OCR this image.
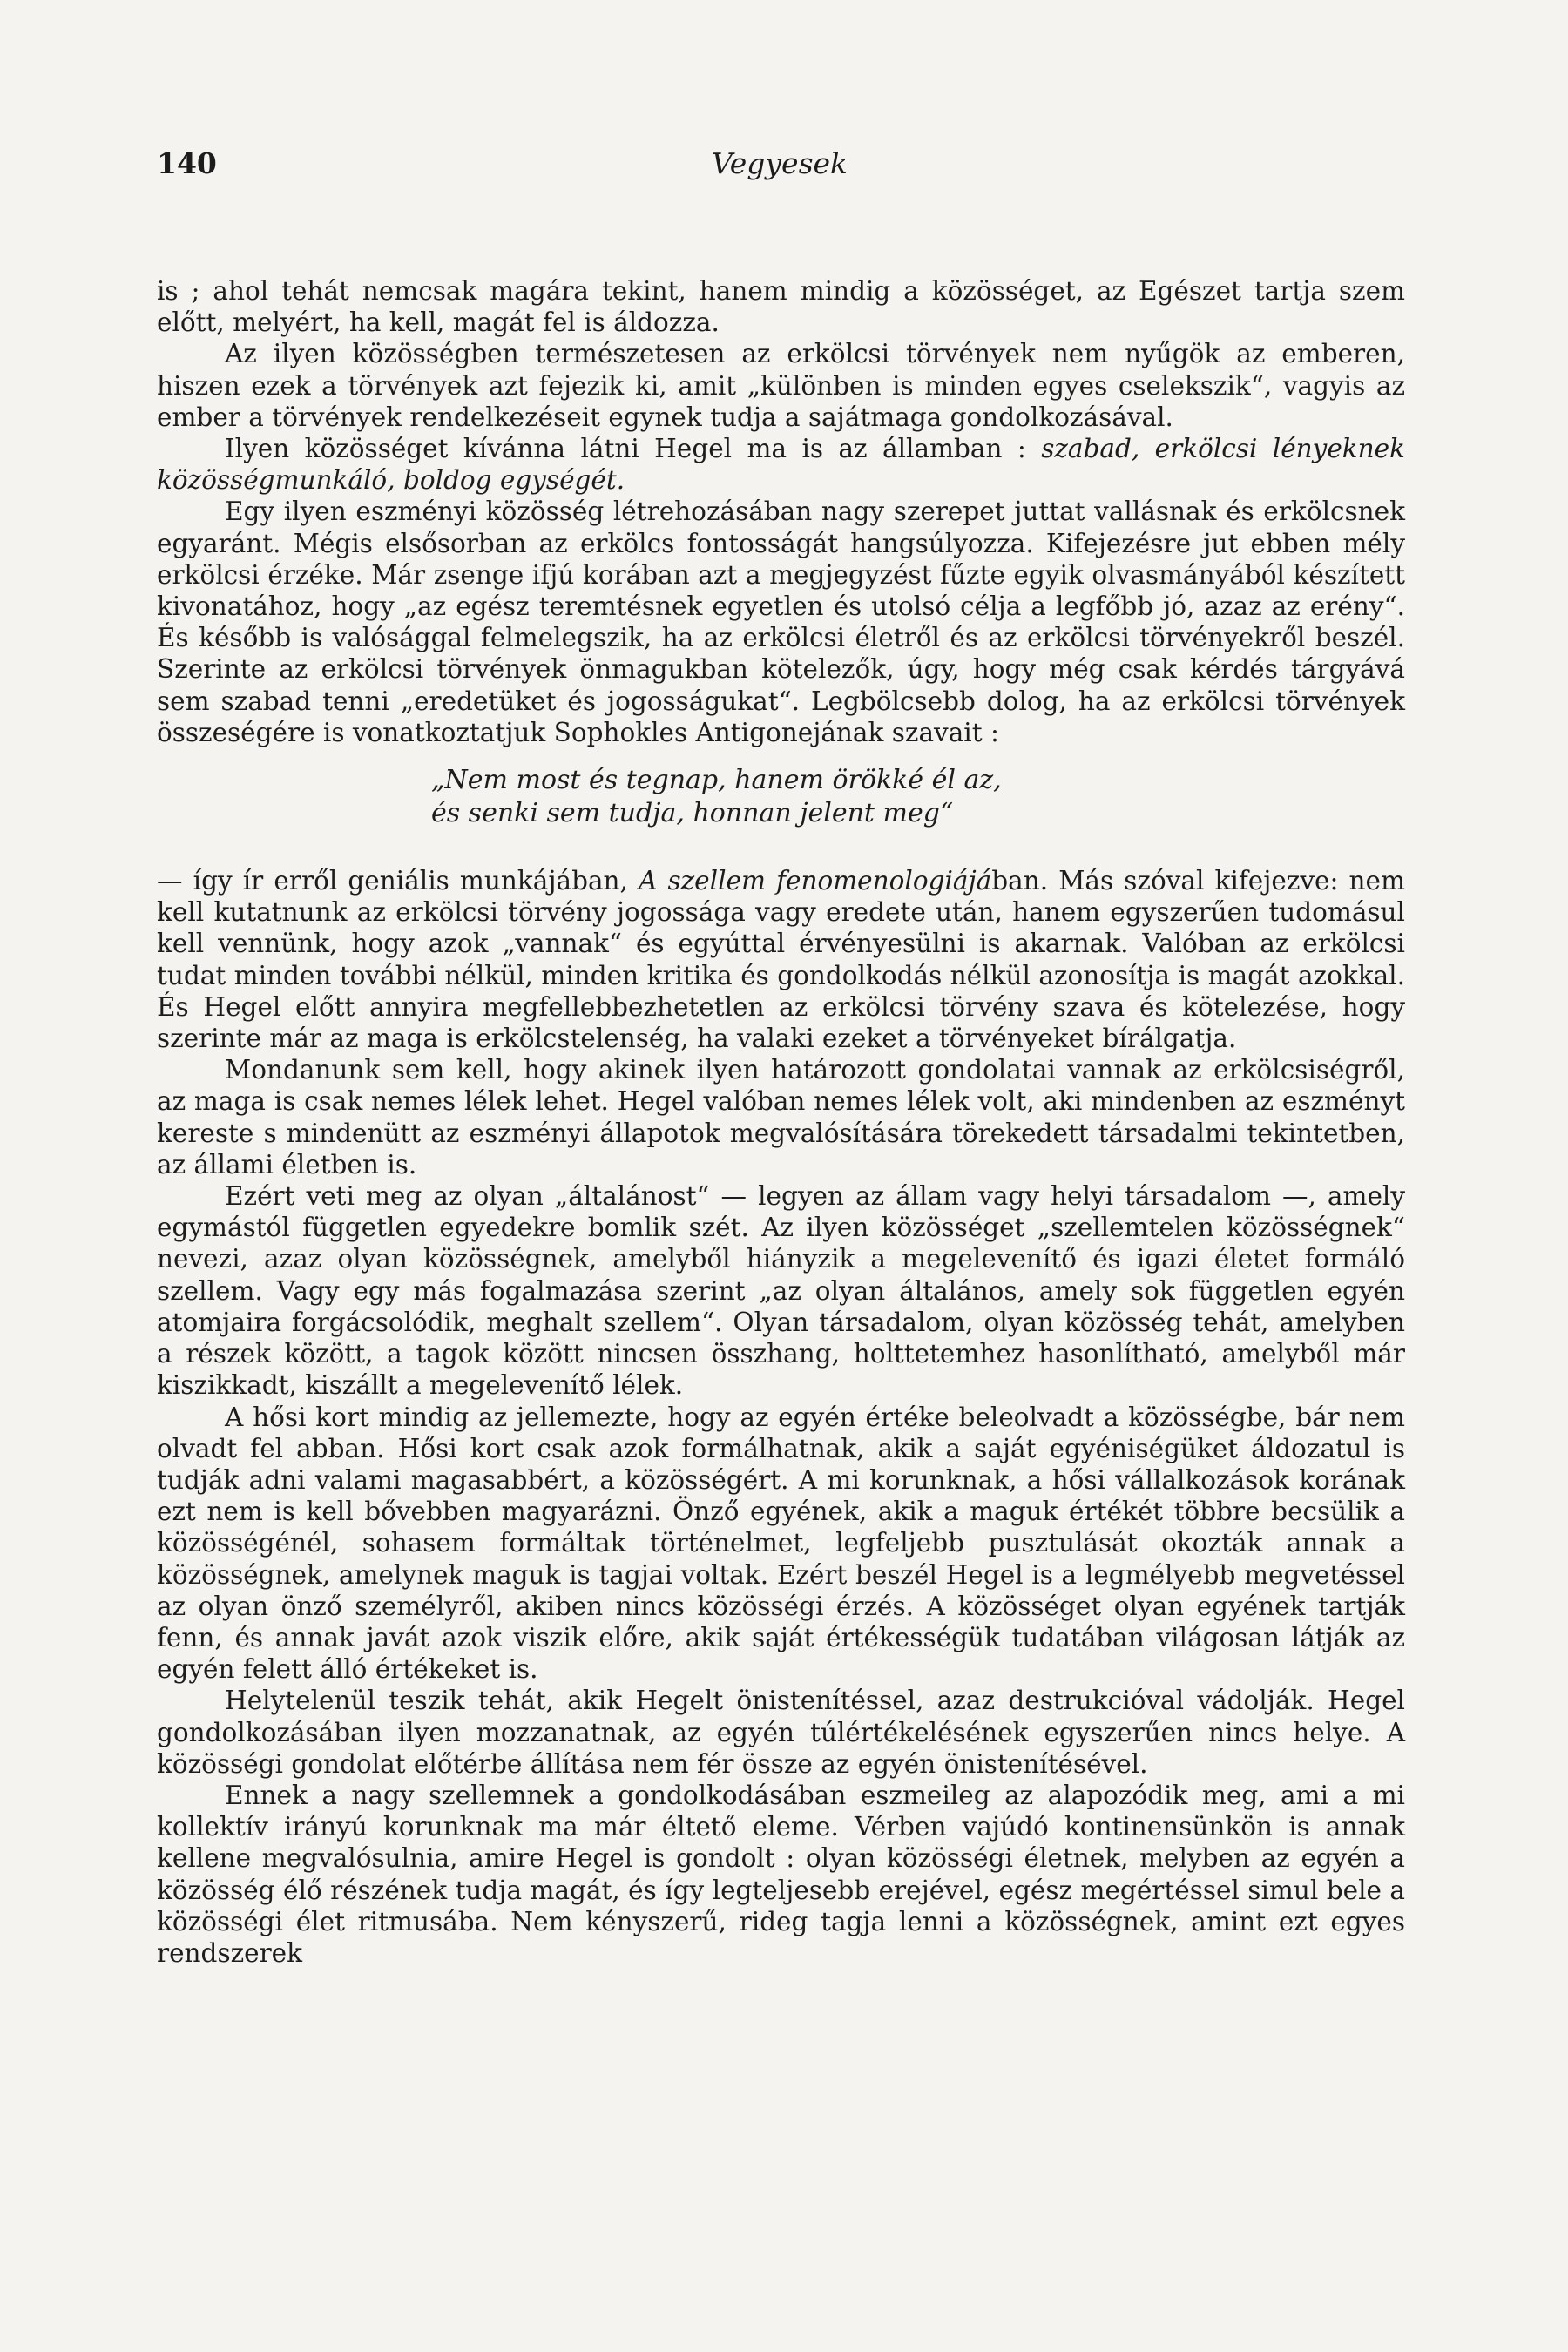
140	Vegyesek

is ; ahol tehát nemcsak magára tekint, hanem mindig a közösséget, az Egészet tartja szem előtt, melyért, ha kell, magát fel is áldozza.

Az ilyen közösségben természetesen az erkölcsi törvények nem nyűgök az emberen, hiszen ezek a törvények azt fejezik ki, amit „különben is minden egyes cselekszik“, vagyis az ember a törvények rendelkezéseit egynek tudja a sajátmaga gondolkozásával.

Ilyen közösséget kívánna látni Hegel ma is az államban : szabad, erkölcsi lényeknek közösségmunkáló, boldog egységét.

Egy ilyen eszményi közösség létrehozásában nagy szerepet juttat vallásnak és erkölcsnek egyaránt. Mégis elsősorban az erkölcs fontosságát hangsúlyozza. Kifejezésre jut ebben mély erkölcsi érzéke. Már zsenge ifjú korában azt a megjegyzést fűzte egyik olvasmányából készített kivonatához, hogy „az egész teremtésnek egyetlen és utolsó célja a legfőbb jó, azaz az erény“. És később is valósággal felmelegszik, ha az erkölcsi életről és az erkölcsi törvényekről beszél. Szerinte az erkölcsi törvények önmagukban kötelezők, úgy, hogy még csak kérdés tárgyává sem szabad tenni „eredetüket és jogosságukat“. Legbölcsebb dolog, ha az erkölcsi törvények összeségére is vonatkoztatjuk Sophokles Antigonejának szavait :

„Nem most és tegnap, hanem örökké él az,
és senki sem tudja, honnan jelent meg“

— így ír erről geniális munkájában, A szellem fenomenologiájában. Más szóval kifejezve: nem kell kutatnunk az erkölcsi törvény jogossága vagy eredete után, hanem egyszerűen tudomásul kell vennünk, hogy azok „vannak“ és egyúttal érvényesülni is akarnak. Valóban az erkölcsi tudat minden további nélkül, minden kritika és gondolkodás nélkül azonosítja is magát azokkal. És Hegel előtt annyira megfellebbezhetetlen az erkölcsi törvény szava és kötelezése, hogy szerinte már az maga is erkölcstelenség, ha valaki ezeket a törvényeket bírálgatja.

Mondanunk sem kell, hogy akinek ilyen határozott gondolatai vannak az erkölcsiségről, az maga is csak nemes lélek lehet. Hegel valóban nemes lélek volt, aki mindenben az eszményt kereste s mindenütt az eszményi állapotok megvalósítására törekedett társadalmi tekintetben, az állami életben is.

Ezért veti meg az olyan „általánost“ — legyen az állam vagy helyi társadalom —, amely egymástól független egyedekre bomlik szét. Az ilyen közösséget „szellemtelen közösségnek“ nevezi, azaz olyan közösségnek, amelyből hiányzik a megelevenítő és igazi életet formáló szellem. Vagy egy más fogalmazása szerint „az olyan általános, amely sok független egyén atomjaira forgácsolódik, meghalt szellem“. Olyan társadalom, olyan közösség tehát, amelyben a részek között, a tagok között nincsen összhang, holttetemhez hasonlítható, amelyből már kiszikkadt, kiszállt a megelevenítő lélek.

A hősi kort mindig az jellemezte, hogy az egyén értéke beleolvadt a közösségbe, bár nem olvadt fel abban. Hősi kort csak azok formálhatnak, akik a saját egyéniségüket áldozatul is tudják adni valami magasabbért, a közösségért. A mi korunknak, a hősi vállalkozások korának ezt nem is kell bővebben magyarázni. Önző egyének, akik a maguk értékét többre becsülik a közösségénél, sohasem formáltak történelmet, legfeljebb pusztulását okozták annak a közösségnek, amelynek maguk is tagjai voltak. Ezért beszél Hegel is a legmélyebb megvetéssel az olyan önző személyről, akiben nincs közösségi érzés. A közösséget olyan egyének tartják fenn, és annak javát azok viszik előre, akik saját értékességük tudatában világosan látják az egyén felett álló értékeket is.

Helytelenül teszik tehát, akik Hegelt önistenítéssel, azaz destrukcióval vádolják. Hegel gondolkozásában ilyen mozzanatnak, az egyén túlértékelésének egyszerűen nincs helye. A közösségi gondolat előtérbe állítása nem fér össze az egyén önistenítésével.

Ennek a nagy szellemnek a gondolkodásában eszmeileg az alapozódik meg, ami a mi kollektív irányú korunknak ma már éltető eleme. Vérben vajúdó kontinensünkön is annak kellene megvalósulnia, amire Hegel is gondolt : olyan közösségi életnek, melyben az egyén a közösség élő részének tudja magát, és így legteljesebb erejével, egész megértéssel simul bele a közösségi élet ritmusába. Nem kényszerű, rideg tagja lenni a közösségnek, amint ezt egyes rendszerek
